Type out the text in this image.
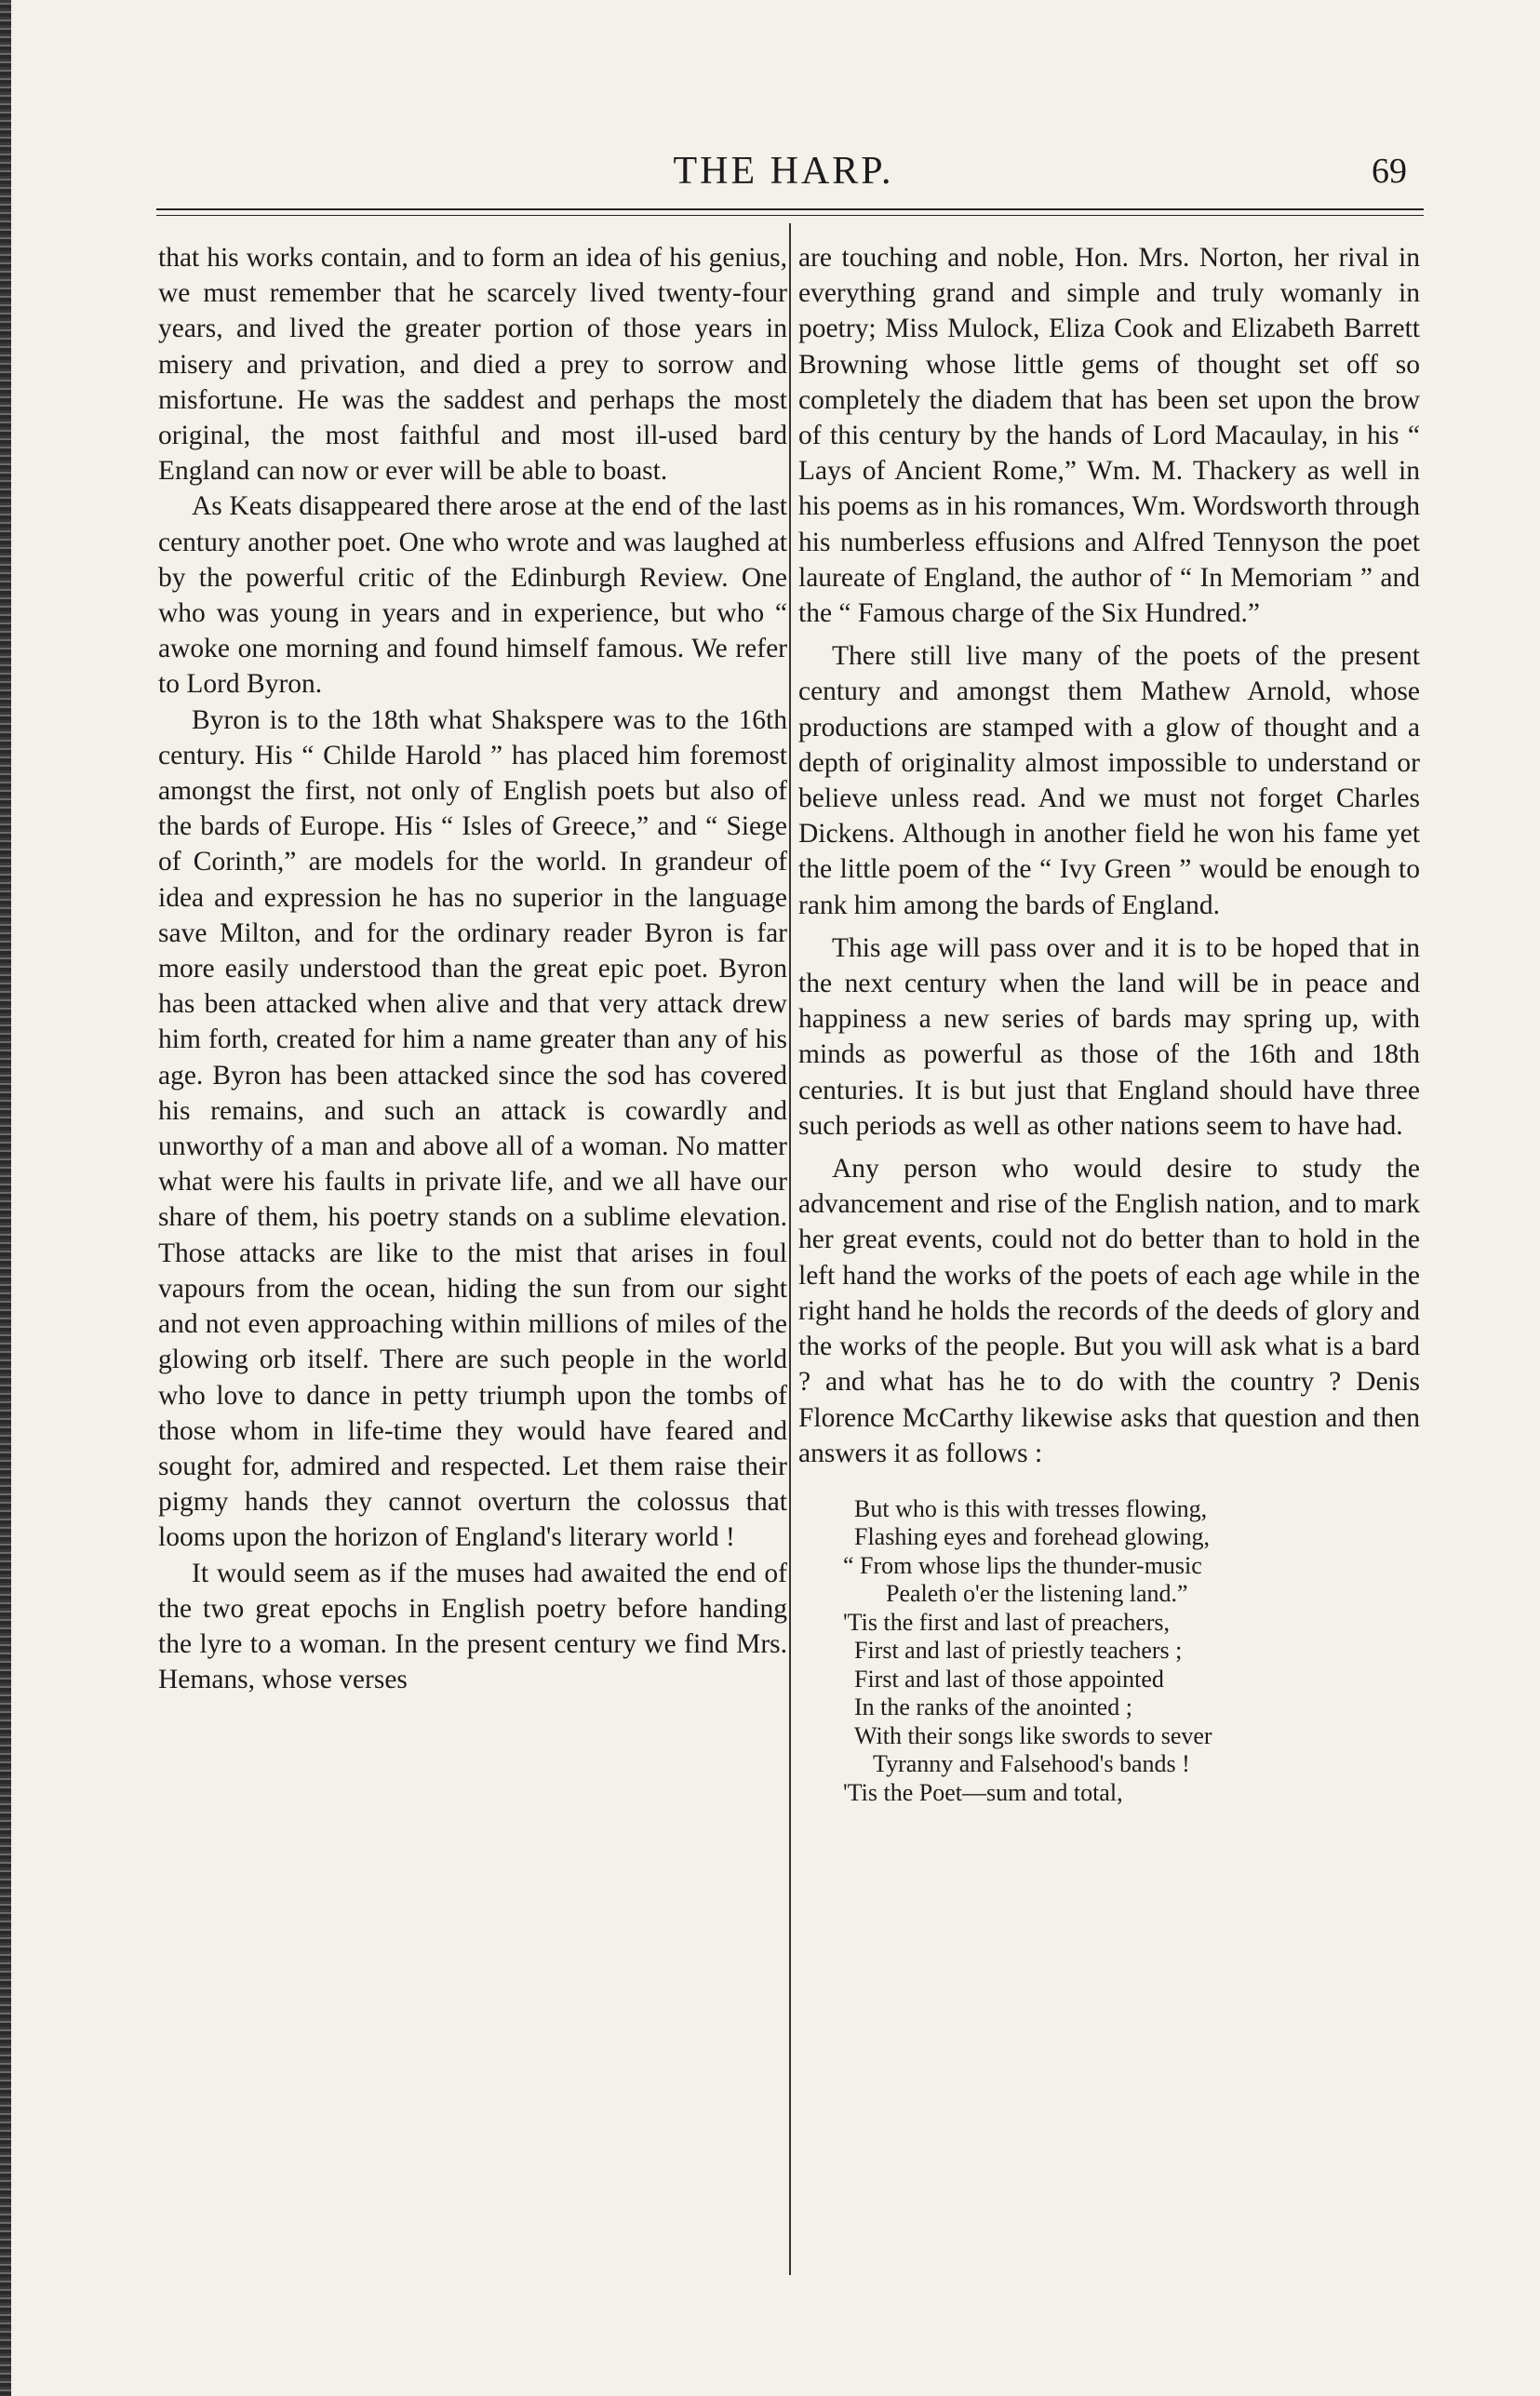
THE HARP.	69

that his works contain, and to form an idea of his genius, we must remember that he scarcely lived twenty-four years, and lived the greater portion of those years in misery and privation, and died a prey to sorrow and misfortune. He was the saddest and perhaps the most original, the most faithful and most ill-used bard England can now or ever will be able to boast.

As Keats disappeared there arose at the end of the last century another poet. One who wrote and was laughed at by the powerful critic of the Edinburgh Review. One who was young in years and in experience, but who “ awoke one morning and found himself famous. We refer to Lord Byron.

Byron is to the 18th what Shakspere was to the 16th century. His “ Childe Harold ” has placed him foremost amongst the first, not only of English poets but also of the bards of Europe. His “ Isles of Greece,” and “ Siege of Corinth,” are models for the world. In grandeur of idea and expression he has no superior in the language save Milton, and for the ordinary reader Byron is far more easily understood than the great epic poet. Byron has been attacked when alive and that very attack drew him forth, created for him a name greater than any of his age. Byron has been attacked since the sod has covered his remains, and such an attack is cowardly and unworthy of a man and above all of a woman. No matter what were his faults in private life, and we all have our share of them, his poetry stands on a sublime elevation. Those attacks are like to the mist that arises in foul vapours from the ocean, hiding the sun from our sight and not even approaching within millions of miles of the glowing orb itself. There are such people in the world who love to dance in petty triumph upon the tombs of those whom in life-time they would have feared and sought for, admired and respected. Let them raise their pigmy hands they cannot overturn the colossus that looms upon the horizon of England's literary world !

It would seem as if the muses had awaited the end of the two great epochs in English poetry before handing the lyre to a woman. In the present century we find Mrs. Hemans, whose verses

are touching and noble, Hon. Mrs. Norton, her rival in everything grand and simple and truly womanly in poetry; Miss Mulock, Eliza Cook and Elizabeth Barrett Browning whose little gems of thought set off so completely the diadem that has been set upon the brow of this century by the hands of Lord Macaulay, in his “ Lays of Ancient Rome,” Wm. M. Thackery as well in his poems as in his romances, Wm. Wordsworth through his numberless effusions and Alfred Tennyson the poet laureate of England, the author of “ In Memoriam ” and the “ Famous charge of the Six Hundred.”

There still live many of the poets of the present century and amongst them Mathew Arnold, whose productions are stamped with a glow of thought and a depth of originality almost impossible to understand or believe unless read. And we must not forget Charles Dickens. Although in another field he won his fame yet the little poem of the “ Ivy Green ” would be enough to rank him among the bards of England.

This age will pass over and it is to be hoped that in the next century when the land will be in peace and happiness a new series of bards may spring up, with minds as powerful as those of the 16th and 18th centuries. It is but just that England should have three such periods as well as other nations seem to have had.

Any person who would desire to study the advancement and rise of the English nation, and to mark her great events, could not do better than to hold in the left hand the works of the poets of each age while in the right hand he holds the records of the deeds of glory and the works of the people. But you will ask what is a bard ? and what has he to do with the country ? Denis Florence McCarthy likewise asks that question and then answers it as follows :

But who is this with tresses flowing,
Flashing eyes and forehead glowing,
“ From whose lips the thunder-music
Pealeth o'er the listening land.”
'Tis the first and last of preachers,
First and last of priestly teachers ;
First and last of those appointed
In the ranks of the anointed ;
With their songs like swords to sever
Tyranny and Falsehood's bands !
'Tis the Poet—sum and total,
